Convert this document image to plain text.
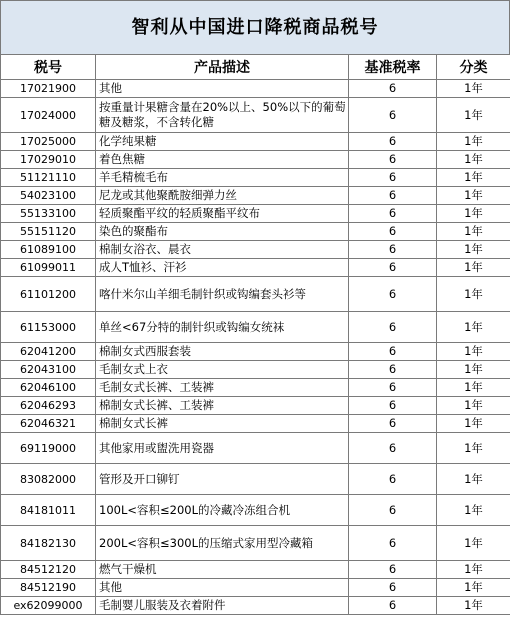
智利从中国进口降税商品税号
税号	产品描述	基准税率	分类
17021900	其他	6	1年
17024000	按重量计果糖含量在20%以上、50%以下的葡萄糖及糖浆，不含转化糖	6	1年
17025000	化学纯果糖	6	1年
17029010	着色焦糖	6	1年
51121110	羊毛精梳毛布	6	1年
54023100	尼龙或其他聚酰胺细弹力丝	6	1年
55133100	轻质聚酯平纹的轻质聚酯平纹布	6	1年
55151120	染色的聚酯布	6	1年
61089100	棉制女浴衣、晨衣	6	1年
61099011	成人T恤衫、汗衫	6	1年
61101200	喀什米尔山羊细毛制针织或钩编套头衫等	6	1年
61153000	单丝<67分特的制针织或钩编女统袜	6	1年
62041200	棉制女式西服套装	6	1年
62043100	毛制女式上衣	6	1年
62046100	毛制女式长裤、工装裤	6	1年
62046293	棉制女式长裤、工装裤	6	1年
62046321	棉制女式长裤	6	1年
69119000	其他家用或盥洗用瓷器	6	1年
83082000	管形及开口铆钉	6	1年
84181011	100L<容积≤200L的冷藏冷冻组合机	6	1年
84182130	200L<容积≤300L的压缩式家用型冷藏箱	6	1年
84512120	燃气干燥机	6	1年
84512190	其他	6	1年
ex62099000	毛制婴儿服装及衣着附件	6	1年
